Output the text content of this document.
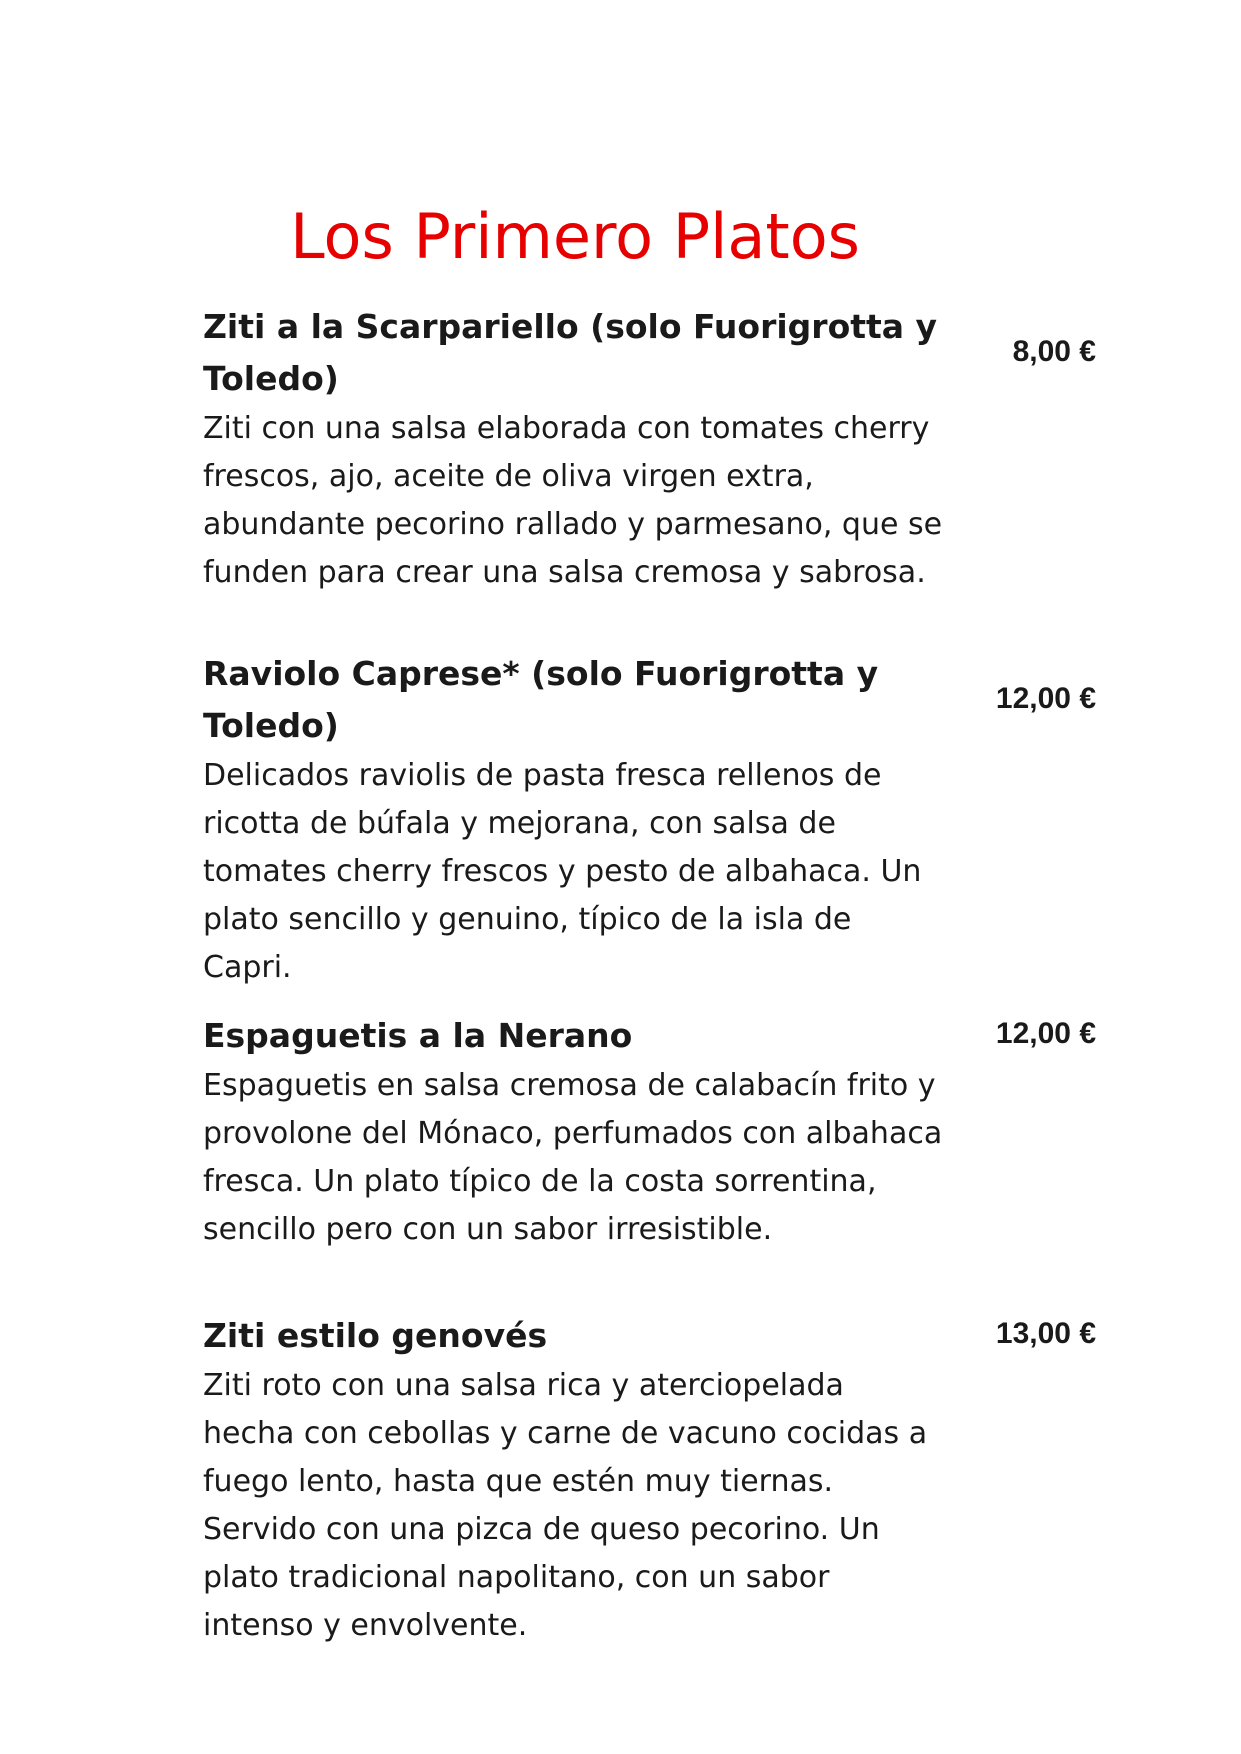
Los Primero Platos

Ziti a la Scarpariello (solo Fuorigrotta y Toledo)

Ziti con una salsa elaborada con tomates cherry frescos, ajo, aceite de oliva virgen extra, abundante pecorino rallado y parmesano, que se funden para crear una salsa cremosa y sabrosa.

8,00 €

Raviolo Caprese* (solo Fuorigrotta y Toledo)

Delicados raviolis de pasta fresca rellenos de ricotta de búfala y mejorana, con salsa de tomates cherry frescos y pesto de albahaca. Un plato sencillo y genuino, típico de la isla de Capri.

12,00 €

Espaguetis a la Nerano

Espaguetis en salsa cremosa de calabacín frito y provolone del Mónaco, perfumados con albahaca fresca. Un plato típico de la costa sorrentina, sencillo pero con un sabor irresistible.

12,00 €

Ziti estilo genovés

Ziti roto con una salsa rica y aterciopelada hecha con cebollas y carne de vacuno cocidas a fuego lento, hasta que estén muy tiernas. Servido con una pizca de queso pecorino. Un plato tradicional napolitano, con un sabor intenso y envolvente.

13,00 €
